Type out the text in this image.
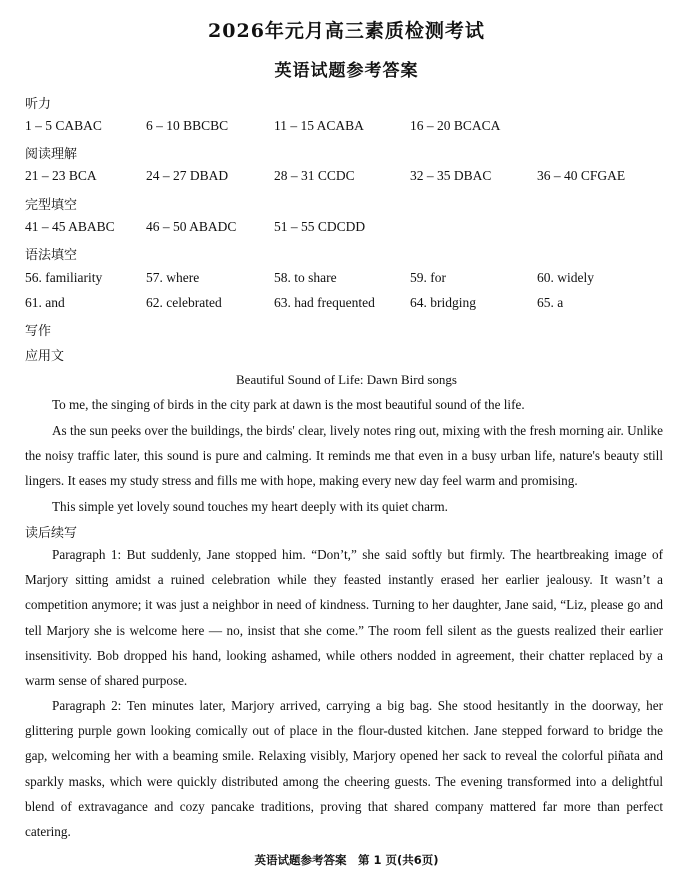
2026年元月高三素质检测考试
英语试题参考答案
听力
1 – 5 CABAC	6 – 10 BBCBC	11 – 15 ACABA	16 – 20 BCACA
阅读理解
21 – 23 BCA	24 – 27 DBAD	28 – 31 CCDC	32 – 35 DBAC	36 – 40 CFGAE
完型填空
41 – 45 ABABC 46 – 50 ABADC	51 – 55 CDCDD
语法填空
56. familiarity	57. where	58. to share	59. for	60. widely
61. and	62. celebrated	63. had frequented	64. bridging	65. a
写作
应用文
Beautiful Sound of Life: Dawn Bird songs

To me, the singing of birds in the city park at dawn is the most beautiful sound of the life.

As the sun peeks over the buildings, the birds' clear, lively notes ring out, mixing with the fresh morning air. Unlike the noisy traffic later, this sound is pure and calming. It reminds me that even in a busy urban life, nature's beauty still lingers. It eases my study stress and fills me with hope, making every new day feel warm and promising.

This simple yet lovely sound touches my heart deeply with its quiet charm.

读后续写

Paragraph 1: But suddenly, Jane stopped him. “Don’t,” she said softly but firmly. The heartbreaking image of Marjory sitting amidst a ruined celebration while they feasted instantly erased her earlier jealousy. It wasn’t a competition anymore; it was just a neighbor in need of kindness. Turning to her daughter, Jane said, “Liz, please go and tell Marjory she is welcome here — no, insist that she come.” The room fell silent as the guests realized their earlier insensitivity. Bob dropped his hand, looking ashamed, while others nodded in agreement, their chatter replaced by a warm sense of shared purpose.

Paragraph 2: Ten minutes later, Marjory arrived, carrying a big bag. She stood hesitantly in the doorway, her glittering purple gown looking comically out of place in the flour-dusted kitchen. Jane stepped forward to bridge the gap, welcoming her with a beaming smile. Relaxing visibly, Marjory opened her sack to reveal the colorful piñata and sparkly masks, which were quickly distributed among the cheering guests. The evening transformed into a delightful blend of extravagance and cozy pancake traditions, proving that shared company mattered far more than perfect catering.

英语试题参考答案　第 1 页(共6页)
